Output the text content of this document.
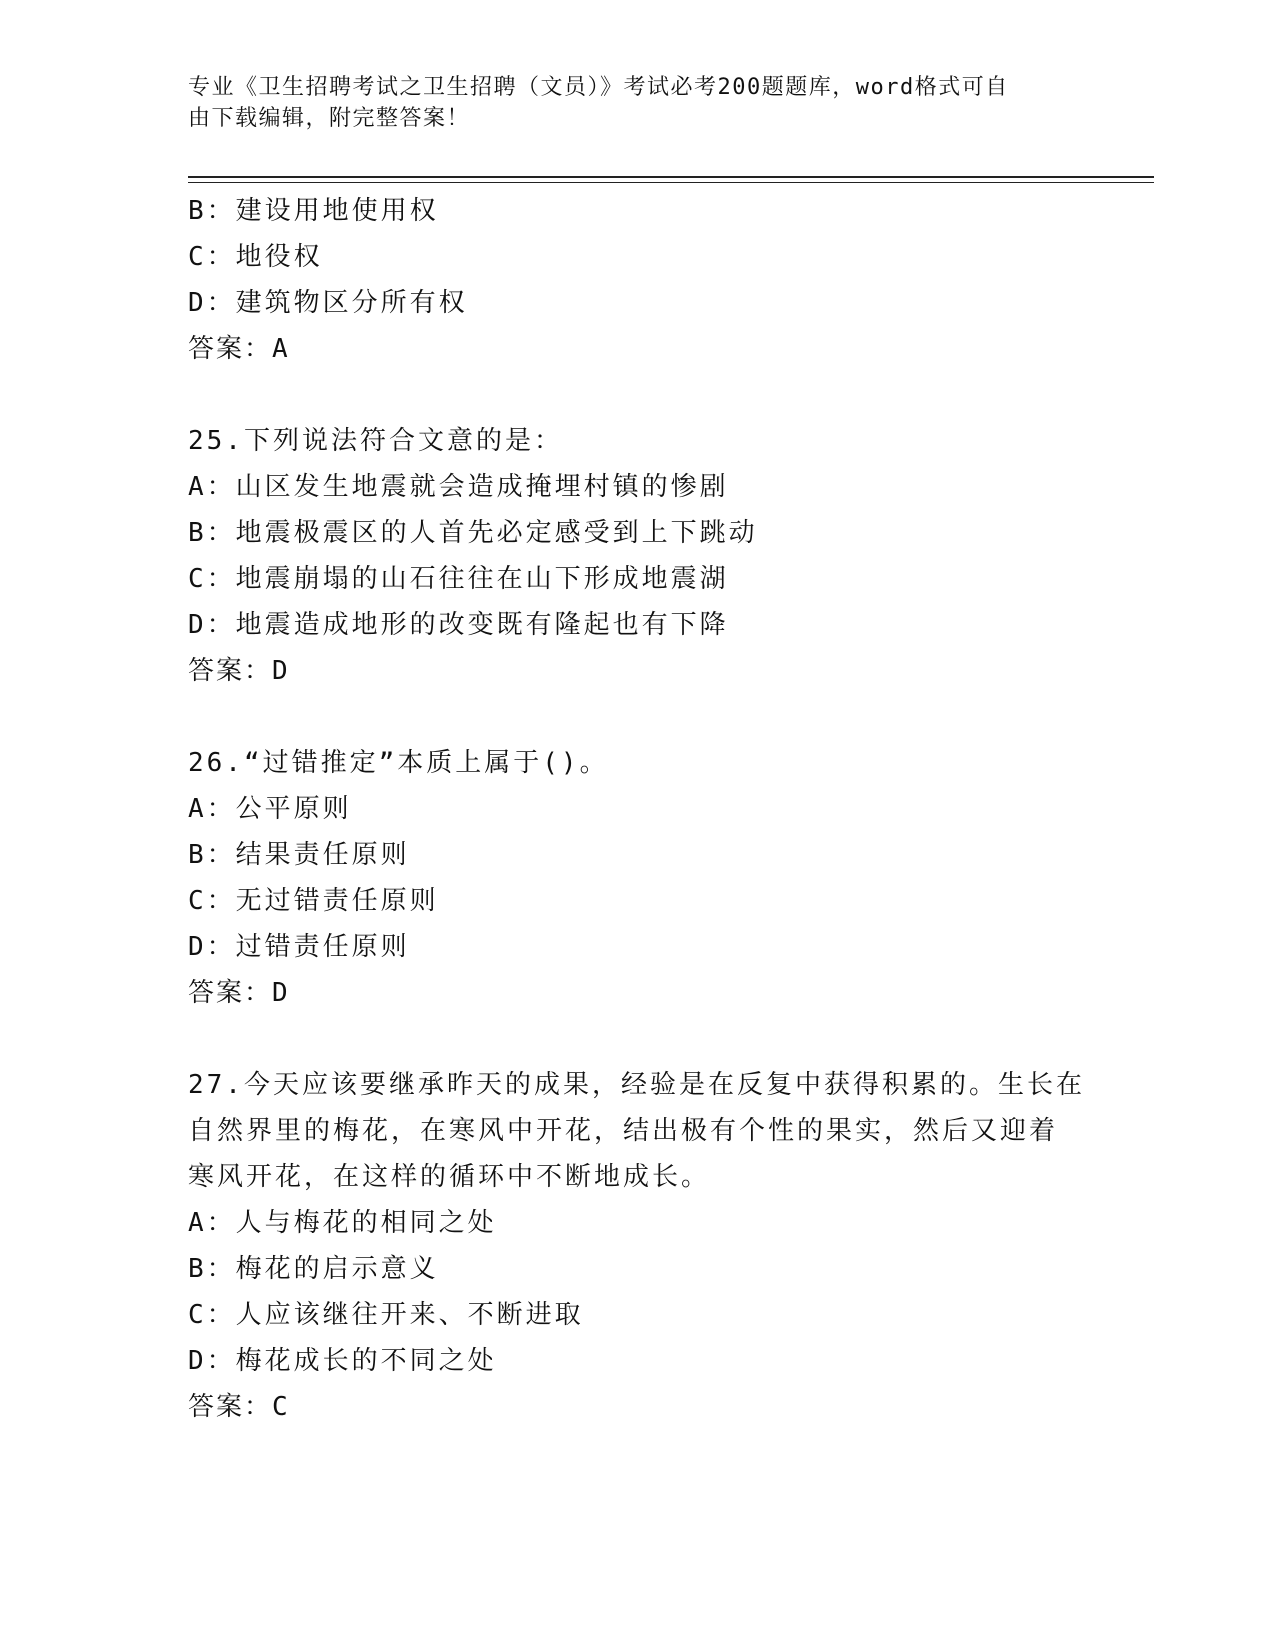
专业《卫生招聘考试之卫生招聘（文员）》考试必考200题题库，word格式可自
由下载编辑，附完整答案！
B：建设用地使用权
C：地役权
D：建筑物区分所有权
答案：A
25.下列说法符合文意的是：
A：山区发生地震就会造成掩埋村镇的惨剧
B：地震极震区的人首先必定感受到上下跳动
C：地震崩塌的山石往往在山下形成地震湖
D：地震造成地形的改变既有隆起也有下降
答案：D
26.“过错推定”本质上属于()。
A：公平原则
B：结果责任原则
C：无过错责任原则
D：过错责任原则
答案：D
27.今天应该要继承昨天的成果，经验是在反复中获得积累的。生长在
自然界里的梅花，在寒风中开花，结出极有个性的果实，然后又迎着
寒风开花，在这样的循环中不断地成长。
A：人与梅花的相同之处
B：梅花的启示意义
C：人应该继往开来、不断进取
D：梅花成长的不同之处
答案：C
